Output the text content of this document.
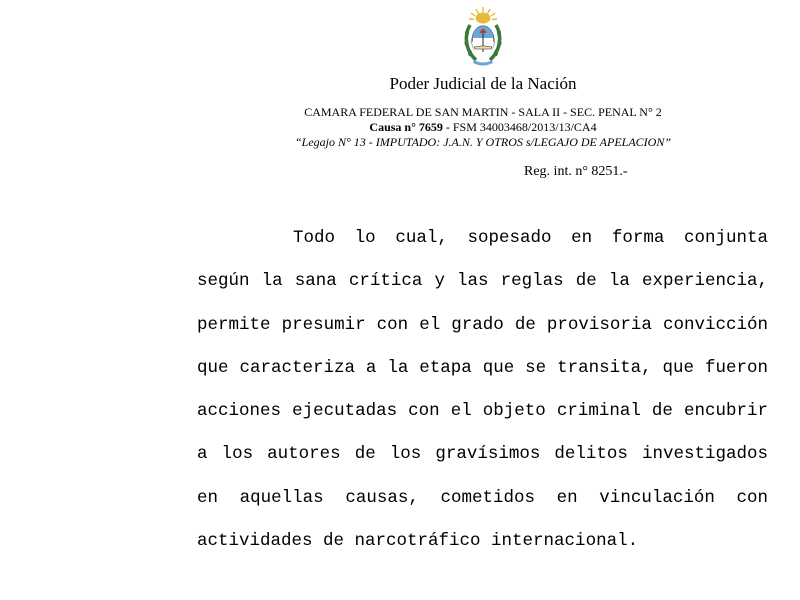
Poder Judicial de la Nación
CAMARA FEDERAL DE SAN MARTIN - SALA II - SEC. PENAL N° 2
Causa n° 7659 - FSM 34003468/2013/13/CA4
“Legajo N° 13 - IMPUTADO: J.A.N. Y OTROS s/LEGAJO DE APELACION”
Reg. int. n° 8251.-

Todo lo cual, sopesado en forma conjunta según la sana crítica y las reglas de la experiencia, permite presumir con el grado de provisoria convicción que caracteriza a la etapa que se transita, que fueron acciones ejecutadas con el objeto criminal de encubrir a los autores de los gravísimos delitos investigados en aquellas causas, cometidos en vinculación con actividades de narcotráfico internacional.
